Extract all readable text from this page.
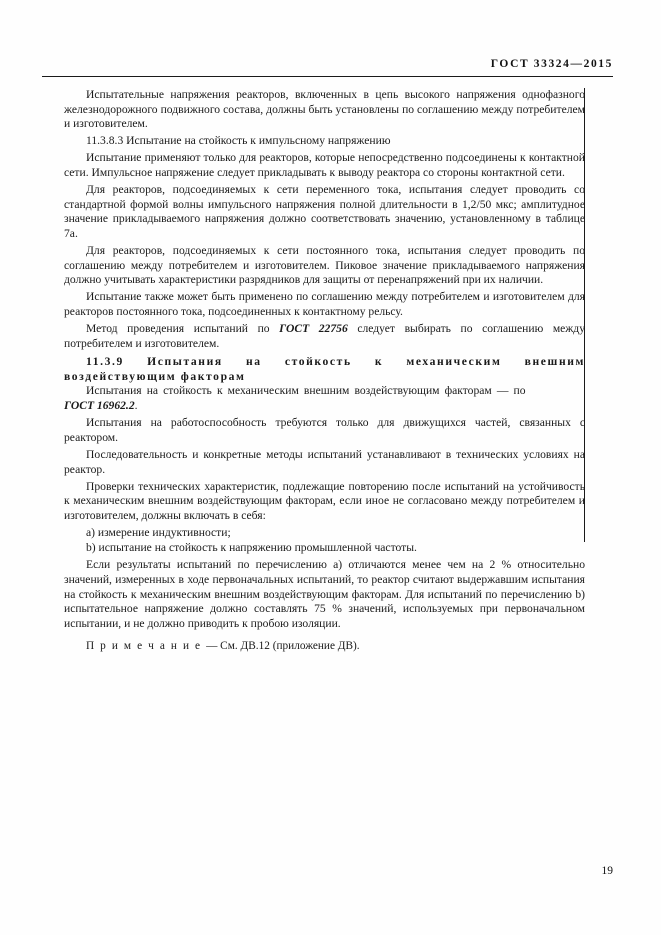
ГОСТ 33324—2015

Испытательные напряжения реакторов, включенных в цепь высокого напряжения однофазного железнодорожного подвижного состава, должны быть установлены по соглашению между потребителем и изготовителем.

11.3.8.3 Испытание на стойкость к импульсному напряжению

Испытание применяют только для реакторов, которые непосредственно подсоединены к контактной сети. Импульсное напряжение следует прикладывать к выводу реактора со стороны контактной сети.

Для реакторов, подсоединяемых к сети переменного тока, испытания следует проводить со стандартной формой волны импульсного напряжения полной длительности в 1,2/50 мкс; амплитудное значение прикладываемого напряжения должно соответствовать значению, установленному в таблице 7а.

Для реакторов, подсоединяемых к сети постоянного тока, испытания следует проводить по соглашению между потребителем и изготовителем. Пиковое значение прикладываемого напряжения должно учитывать характеристики разрядников для защиты от перенапряжений при их наличии.

Испытание также может быть применено по соглашению между потребителем и изготовителем для реакторов постоянного тока, подсоединенных к контактному рельсу.

Метод проведения испытаний по ГОСТ 22756 следует выбирать по соглашению между потребителем и изготовителем.

11.3.9 Испытания на стойкость к механическим внешним воздействующим факторам

Испытания на стойкость к механическим внешним воздействующим факторам — по

ГОСТ 16962.2.

Испытания на работоспособность требуются только для движущихся частей, связанных с реактором.

Последовательность и конкретные методы испытаний устанавливают в технических условиях на реактор.

Проверки технических характеристик, подлежащие повторению после испытаний на устойчивость к механическим внешним воздействующим факторам, если иное не согласовано между потребителем и изготовителем, должны включать в себя:

a) измерение индуктивности;

b) испытание на стойкость к напряжению промышленной частоты.

Если результаты испытаний по перечислению a) отличаются менее чем на 2 % относительно значений, измеренных в ходе первоначальных испытаний, то реактор считают выдержавшим испытания на стойкость к механическим внешним воздействующим факторам. Для испытаний по перечислению b) испытательное напряжение должно составлять 75 % значений, используемых при первоначальном испытании, и не должно приводить к пробою изоляции.

П р и м е ч а н и е — См. ДВ.12 (приложение ДВ).

19
